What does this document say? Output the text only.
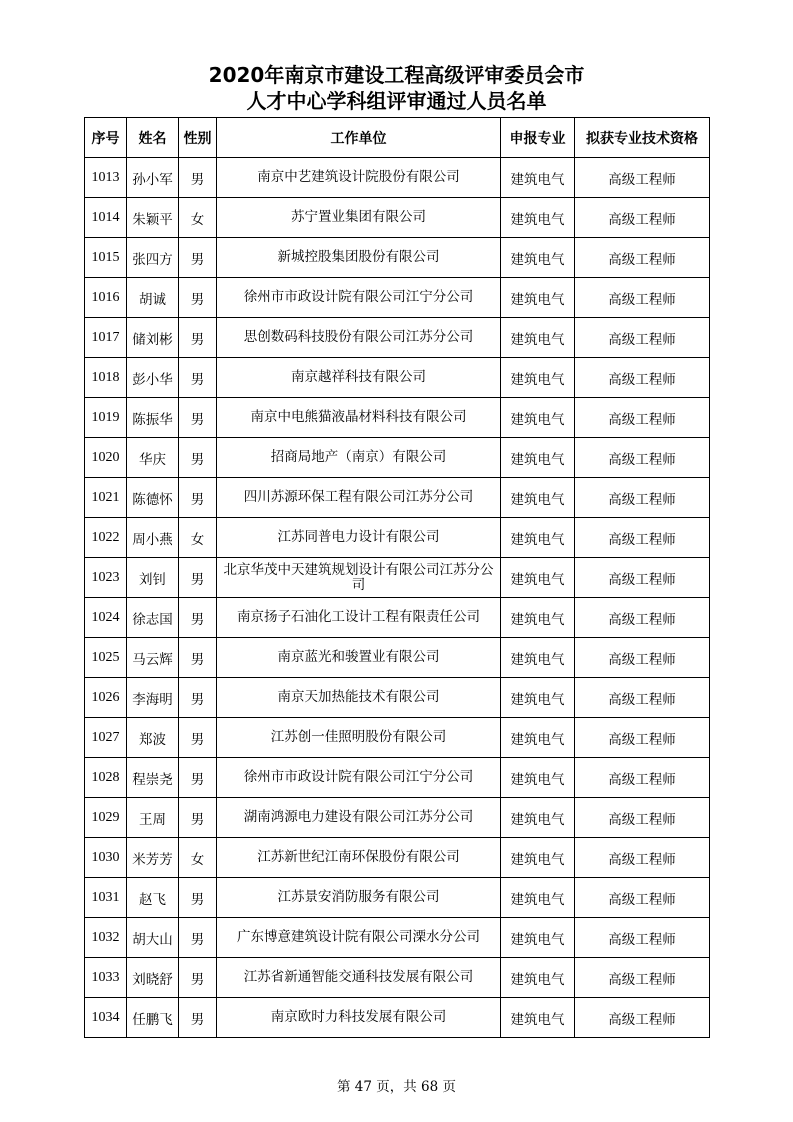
2020年南京市建设工程高级评审委员会市
人才中心学科组评审通过人员名单
序号	姓名	性别	工作单位	申报专业	拟获专业技术资格
1013	孙小军	男	南京中艺建筑设计院股份有限公司	建筑电气	高级工程师
1014	朱颖平	女	苏宁置业集团有限公司	建筑电气	高级工程师
1015	张四方	男	新城控股集团股份有限公司	建筑电气	高级工程师
1016	胡诚	男	徐州市市政设计院有限公司江宁分公司	建筑电气	高级工程师
1017	储刘彬	男	思创数码科技股份有限公司江苏分公司	建筑电气	高级工程师
1018	彭小华	男	南京越祥科技有限公司	建筑电气	高级工程师
1019	陈振华	男	南京中电熊猫液晶材料科技有限公司	建筑电气	高级工程师
1020	华庆	男	招商局地产（南京）有限公司	建筑电气	高级工程师
1021	陈德怀	男	四川苏源环保工程有限公司江苏分公司	建筑电气	高级工程师
1022	周小燕	女	江苏同普电力设计有限公司	建筑电气	高级工程师
1023	刘钊	男	北京华茂中天建筑规划设计有限公司江苏分公司	建筑电气	高级工程师
1024	徐志国	男	南京扬子石油化工设计工程有限责任公司	建筑电气	高级工程师
1025	马云辉	男	南京蓝光和骏置业有限公司	建筑电气	高级工程师
1026	李海明	男	南京天加热能技术有限公司	建筑电气	高级工程师
1027	郑波	男	江苏创一佳照明股份有限公司	建筑电气	高级工程师
1028	程崇尧	男	徐州市市政设计院有限公司江宁分公司	建筑电气	高级工程师
1029	王周	男	湖南鸿源电力建设有限公司江苏分公司	建筑电气	高级工程师
1030	米芳芳	女	江苏新世纪江南环保股份有限公司	建筑电气	高级工程师
1031	赵飞	男	江苏景安消防服务有限公司	建筑电气	高级工程师
1032	胡大山	男	广东博意建筑设计院有限公司溧水分公司	建筑电气	高级工程师
1033	刘晓舒	男	江苏省新通智能交通科技发展有限公司	建筑电气	高级工程师
1034	任鹏飞	男	南京欧时力科技发展有限公司	建筑电气	高级工程师
第 47 页，共 68 页
